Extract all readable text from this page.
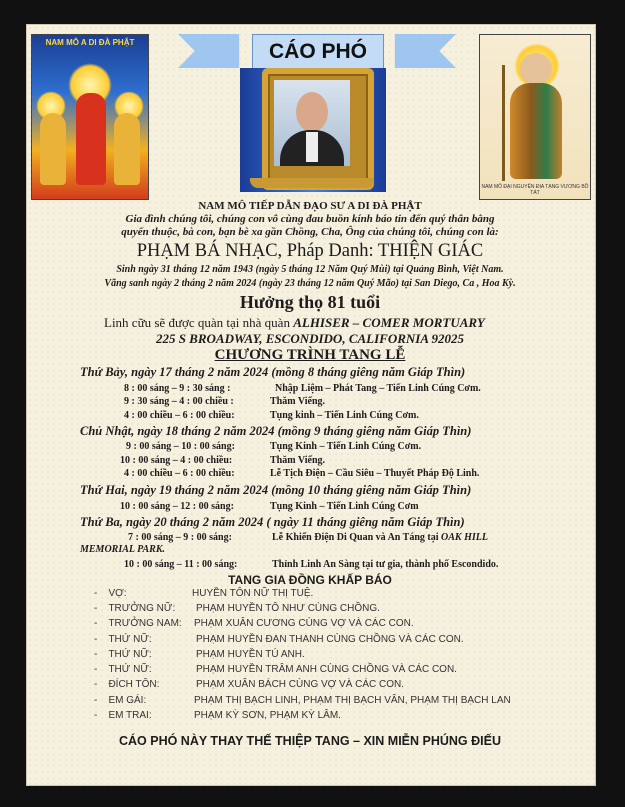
NAM MÔ A DI ĐÀ PHẬT
NAM MÔ ĐẠI NGUYỆN ĐỊA TẠNG VƯƠNG BỒ TÁT
CÁO PHÓ
NAM MÔ TIẾP DẪN ĐẠO SƯ A DI ĐÀ PHẬT
Gia đình chúng tôi, chúng con vô cùng đau buồn kính báo tin đến quý thân bằng
quyến thuộc, bà con, bạn bè xa gần Chồng, Cha, Ông của chúng tôi, chúng con là:
PHẠM BÁ NHẠC, Pháp Danh: THIỆN GIÁC
Sinh ngày 31 tháng 12 năm 1943 (ngày 5 tháng 12 Năm Quý Mùi) tại Quảng Bình, Việt Nam.
Vãng sanh ngày 2 tháng 2 năm 2024 (ngày 23 tháng 12 năm Quý Mão) tại San Diego, Ca , Hoa Kỳ.
Hưởng thọ 81 tuổi
Linh cữu sẽ được quàn tại nhà quàn ALHISER – COMER MORTUARY
225 S BROADWAY, ESCONDIDO, CALIFORNIA 92025
CHƯƠNG TRÌNH TANG LỄ
Thứ Bảy, ngày 17 tháng 2 năm 2024 (mồng 8 tháng giêng năm Giáp Thìn)
8 : 00 sáng – 9 : 30 sáng :	Nhập Liệm – Phát Tang – Tiến Linh Cúng Cơm.
9 : 30 sáng – 4 : 00 chiều :	Thăm Viếng.
4 : 00 chiều – 6 : 00 chiều:	Tụng kinh – Tiến Linh Cúng Cơm.
Chủ Nhật, ngày 18 tháng 2 năm 2024 (mồng 9 tháng giêng năm Giáp Thìn)
9 : 00 sáng – 10 : 00 sáng:	Tụng Kinh – Tiến Linh Cúng Cơm.
10 : 00 sáng – 4 : 00 chiều:	Thăm Viếng.
4 : 00 chiều – 6 : 00 chiều:	Lễ Tịch Điện – Cầu Siêu – Thuyết Pháp Độ Linh.
Thứ Hai, ngày 19 tháng 2 năm 2024 (mồng 10 tháng giêng năm Giáp Thìn)
10 : 00 sáng – 12 : 00 sáng:	Tụng Kinh – Tiến Linh Cúng Cơm
Thứ Ba, ngày 20 tháng 2 năm 2024 ( ngày 11 tháng giêng năm Giáp Thìn)
7 : 00 sáng – 9 : 00 sáng:	Lễ Khiển Điện Di Quan và An Táng tại OAK HILL
MEMORIAL PARK.
10 : 00 sáng – 11 : 00 sáng:	Thỉnh Linh An Sàng tại tư gia, thành phố Escondido.
TANG GIA ĐỒNG KHẤP BÁO
-    VỢ:	HUYỀN TÔN NỮ THỊ TUỆ.
-    TRƯỞNG NỮ: PHẠM HUYỀN TÔ NHƯ CÙNG CHỒNG.
-    TRƯỞNG NAM: PHẠM XUÂN CƯƠNG CÙNG VỢ VÀ CÁC CON.
-    THỨ NỮ:	PHẠM HUYỀN ĐAN THANH CÙNG CHỒNG VÀ CÁC CON.
-    THỨ NỮ:	PHẠM HUYỀN TÚ ANH.
-    THỨ NỮ:	PHẠM HUYỀN TRÂM ANH CÙNG CHỒNG VÀ CÁC CON.
-    ĐÍCH TÔN:	PHẠM XUÂN BÁCH CÙNG VỢ VÀ CÁC CON.
-    EM GÁI:	PHẠM THỊ BẠCH LINH, PHẠM THỊ BẠCH VÂN, PHẠM THỊ BẠCH LAN
-    EM TRAI:	PHẠM KỲ SƠN, PHẠM KỲ LÂM.
CÁO PHÓ NÀY THAY THẾ THIỆP TANG – XIN MIỄN PHÚNG ĐIẾU
